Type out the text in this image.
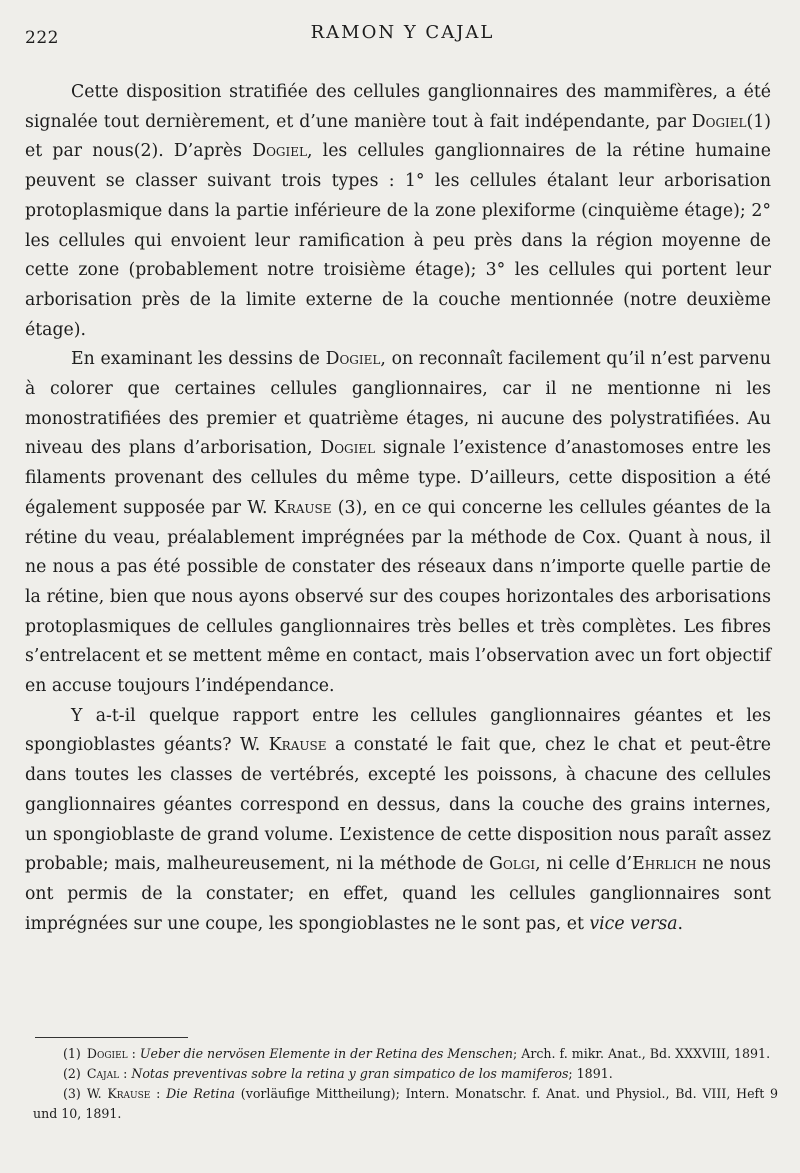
222	RAMON Y CAJAL

Cette disposition stratifiée des cellules ganglionnaires des mammifères, a été signalée tout dernièrement, et d’une manière tout à fait indépendante, par Dogiel(1) et par nous(2). D’après Dogiel, les cellules ganglionnaires de la rétine humaine peuvent se classer suivant trois types : 1° les cellules étalant leur arborisation protoplasmique dans la partie inférieure de la zone plexiforme (cinquième étage); 2° les cellules qui envoient leur ramification à peu près dans la région moyenne de cette zone (probablement notre troisième étage); 3° les cellules qui portent leur arborisation près de la limite externe de la couche mentionnée (notre deuxième étage).

En examinant les dessins de Dogiel, on reconnaît facilement qu’il n’est parvenu à colorer que certaines cellules ganglionnaires, car il ne mentionne ni les monostratifiées des premier et quatrième étages, ni aucune des polystratifiées. Au niveau des plans d’arborisation, Dogiel signale l’existence d’anastomoses entre les filaments provenant des cellules du même type. D’ailleurs, cette disposition a été également supposée par W. Krause (3), en ce qui concerne les cellules géantes de la rétine du veau, préalablement imprégnées par la méthode de Cox. Quant à nous, il ne nous a pas été possible de constater des réseaux dans n’importe quelle partie de la rétine, bien que nous ayons observé sur des coupes horizontales des arborisations protoplasmiques de cellules ganglionnaires très belles et très complètes. Les fibres s’entrelacent et se mettent même en contact, mais l’observation avec un fort objectif en accuse toujours l’indépendance.

Y a-t-il quelque rapport entre les cellules ganglionnaires géantes et les spongioblastes géants? W. Krause a constaté le fait que, chez le chat et peut-être dans toutes les classes de vertébrés, excepté les poissons, à chacune des cellules ganglionnaires géantes correspond en dessus, dans la couche des grains internes, un spongioblaste de grand volume. L’existence de cette disposition nous paraît assez probable; mais, malheureusement, ni la méthode de Golgi, ni celle d’Ehrlich ne nous ont permis de la constater; en effet, quand les cellules ganglionnaires sont imprégnées sur une coupe, les spongioblastes ne le sont pas, et vice versa.

(1) Dogiel : Ueber die nervösen Elemente in der Retina des Menschen; Arch. f. mikr. Anat., Bd. XXXVIII, 1891.

(2) Cajal : Notas preventivas sobre la retina y gran simpatico de los mamiferos; 1891.

(3) W. Krause : Die Retina (vorläufige Mittheilung); Intern. Monatschr. f. Anat. und Physiol., Bd. VIII, Heft 9 und 10, 1891.
